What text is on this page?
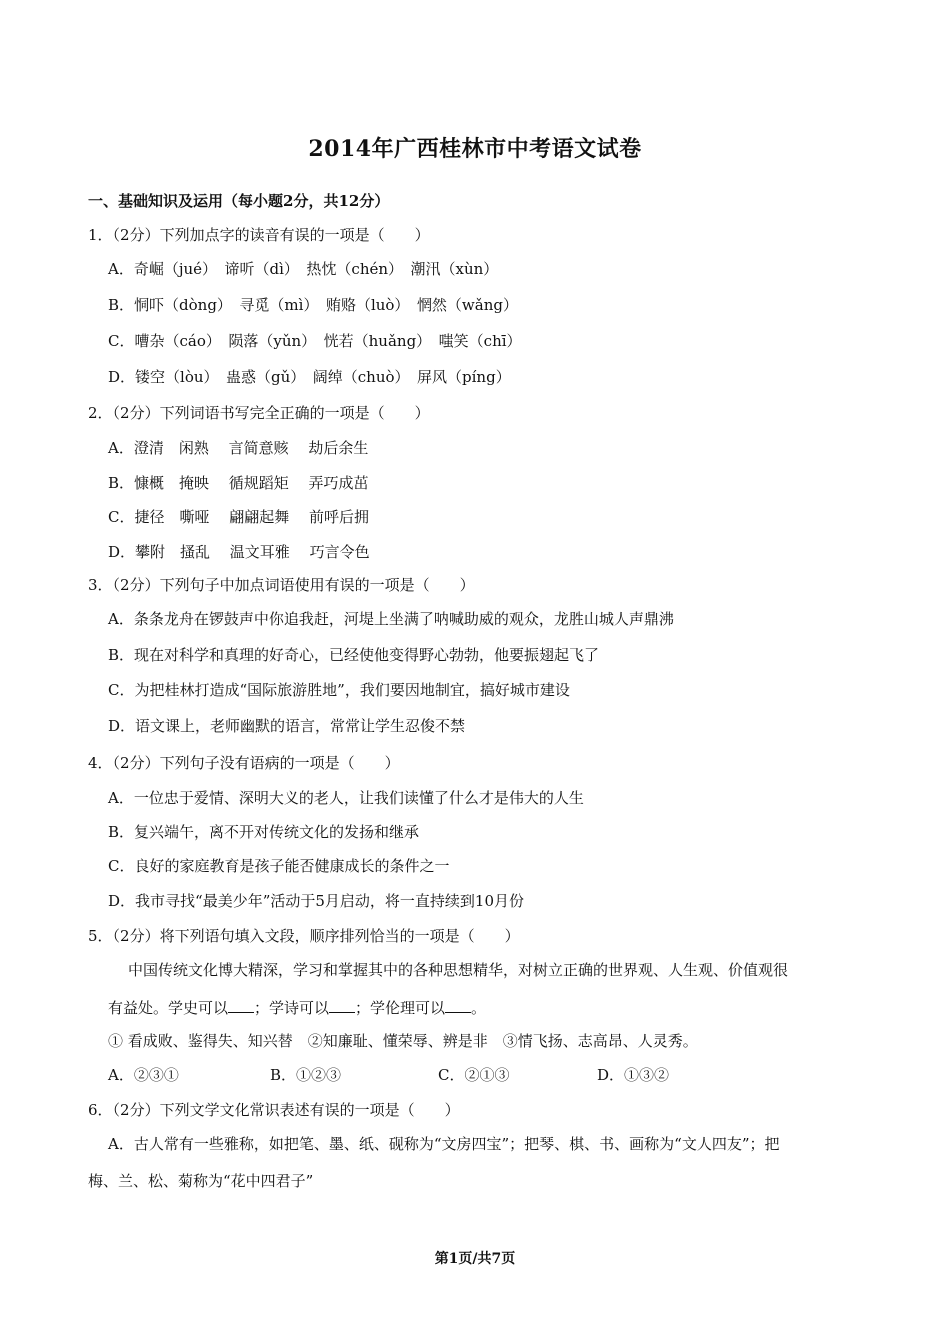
2014年广西桂林市中考语文试卷
一、基础知识及运用（每小题2分，共12分）
1．（2分）下列加点字的读音有误的一项是（　　）
A．奇崛（jué）　谛听（dì）　热忱（chén）　潮汛（xùn）
B．恫吓（dòng）　寻觅（mì）　贿赂（luò）　惘然（wǎng）
C．嘈杂（cáo）　陨落（yǔn）　恍若（huǎng）　嗤笑（chī）
D．镂空（lòu）　蛊惑（gǔ）　阔绰（chuò）　屏风（píng）
2．（2分）下列词语书写完全正确的一项是（　　）
A．澄清　闲熟　 言简意赅　 劫后余生
B．慷概　掩映　 循规蹈矩　 弄巧成茁
C．捷径　嘶哑　 翩翩起舞　 前呼后拥
D．攀附　搔乱　 温文耳雅　 巧言令色
3．（2分）下列句子中加点词语使用有误的一项是（　　）
A．条条龙舟在锣鼓声中你追我赶，河堤上坐满了呐喊助威的观众，龙胜山城人声鼎沸
B．现在对科学和真理的好奇心，已经使他变得野心勃勃，他要振翅起飞了
C．为把桂林打造成“国际旅游胜地”，我们要因地制宜，搞好城市建设
D．语文课上，老师幽默的语言，常常让学生忍俊不禁
4．（2分）下列句子没有语病的一项是（　　）
A．一位忠于爱情、深明大义的老人，让我们读懂了什么才是伟大的人生
B．复兴端午，离不开对传统文化的发扬和继承
C．良好的家庭教育是孩子能否健康成长的条件之一
D．我市寻找“最美少年”活动于5月启动，将一直持续到10月份
5．（2分）将下列语句填入文段，顺序排列恰当的一项是（　　）
中国传统文化博大精深，学习和掌握其中的各种思想精华，对树立正确的世界观、人生观、价值观很
有益处。学史可以 ；学诗可以 ；学伦理可以 。
① 看成败、鉴得失、知兴替　②知廉耻、懂荣辱、辨是非　③情飞扬、志高昂、人灵秀。
A．②③①	B．①②③	C．②①③	D．①③②
6．（2分）下列文学文化常识表述有误的一项是（　　）
A．古人常有一些雅称，如把笔、墨、纸、砚称为“文房四宝”；把琴、棋、书、画称为“文人四友”；把
梅、兰、松、菊称为“花中四君子”
第1页/共7页
